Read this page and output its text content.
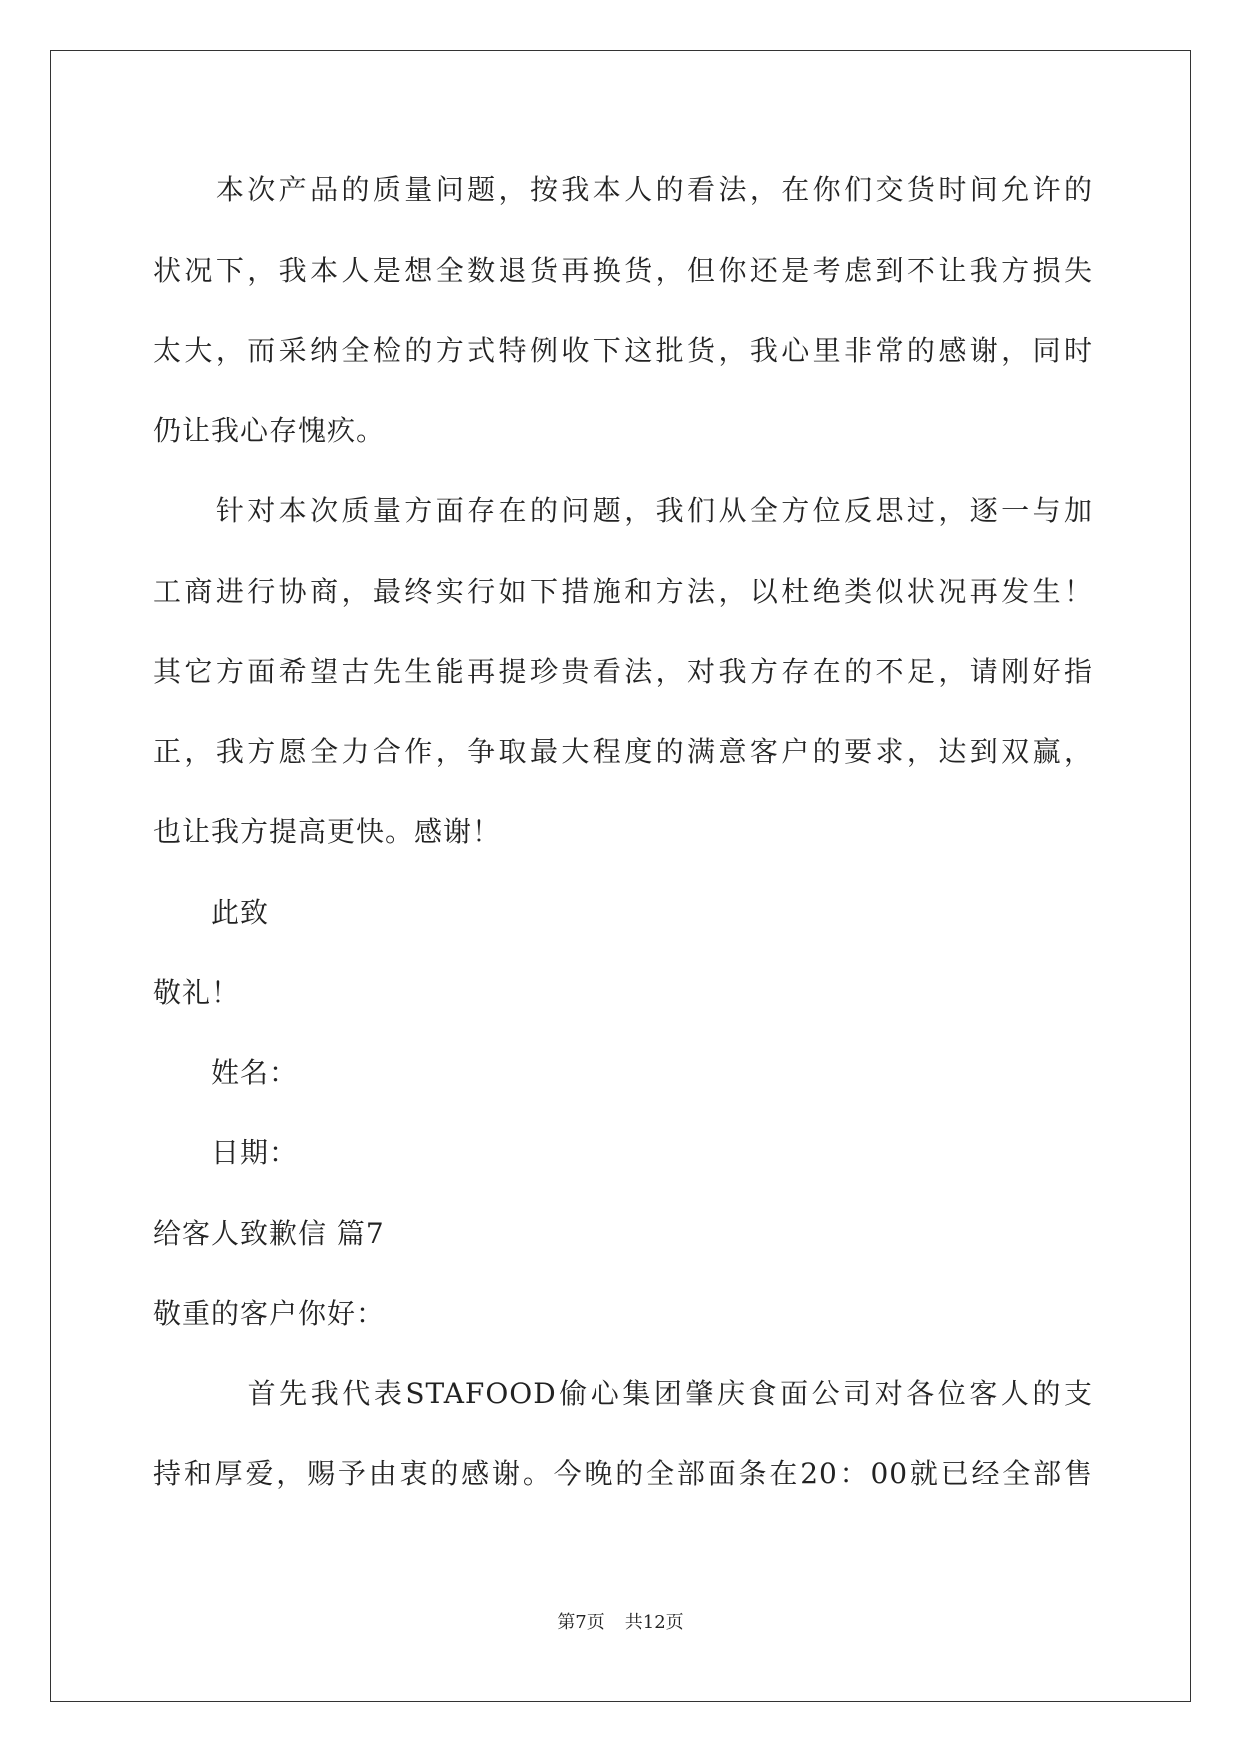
　　本次产品的质量问题，按我本人的看法，在你们交货时间允许的
状况下，我本人是想全数退货再换货，但你还是考虑到不让我方损失
太大，而采纳全检的方式特例收下这批货，我心里非常的感谢，同时
仍让我心存愧疚。
　　针对本次质量方面存在的问题，我们从全方位反思过，逐一与加
工商进行协商，最终实行如下措施和方法，以杜绝类似状况再发生！
其它方面希望古先生能再提珍贵看法，对我方存在的不足，请刚好指
正，我方愿全力合作，争取最大程度的满意客户的要求，达到双赢，
也让我方提高更快。感谢！
　　此致
敬礼！
　　姓名：
　　日期：
给客人致歉信 篇7
敬重的客户你好：
　　　首先我代表STAFOOD偷心集团肇庆食面公司对各位客人的支
持和厚爱，赐予由衷的感谢。今晚的全部面条在20：00就已经全部售
第7页 共12页
